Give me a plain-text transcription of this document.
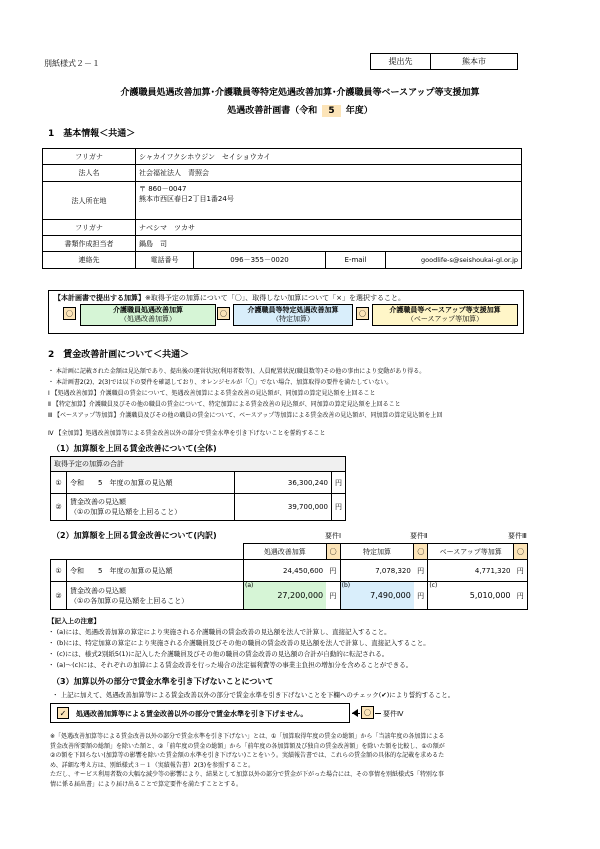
別紙様式２－１	提出先	熊本市
介護職員処遇改善加算･介護職員等特定処遇改善加算･介護職員等ベースアップ等支援加算
処遇改善計画書（令和 5 年度）
1　基本情報＜共通＞
フリガナ	シャカイフクシホウジン　セイショウカイ			
法人名	社会福祉法人　青照会			
法人所在地	〒 860－0047
熊本市西区春日2丁目1番24号			

フリガナ	ナベシマ　ツカサ			
書類作成担当者	鍋島　司			
連絡先	電話番号	096－355－0020	E-mail	goodlife-s@seishoukai-gl.or.jp
【本計画書で提出する加算】※取得予定の加算について「〇」、取得しない加算について「×」を選択すること。
〇	介護職員処遇改善加算
（処遇改善加算）
〇	介護職員等特定処遇改善加算
（特定加算）
〇	介護職員等ベースアップ等支援加算
（ベースアップ等加算）
2　賃金改善計画について＜共通＞
・ 本計画に記載された金額は見込額であり、提出後の運営状況(利用者数等)、人員配置状況(職員数等)その他の事由により変動があり得る。
・ 本計画書2(2)、2(3)では以下の要件を確認しており、オレンジセルが「〇」でない場合、加算取得の要件を満たしていない。
Ⅰ 【処遇改善加算】介護職員の賃金について、処遇改善加算による賃金改善の見込額が、同加算の算定見込額を上回ること
Ⅱ 【特定加算】介護職員及びその他の職員の賃金について、特定加算による賃金改善の見込額が、同加算の算定見込額を上回ること
Ⅲ 【ベースアップ等加算】介護職員及びその他の職員の賃金について、ベースアップ等加算による賃金改善の見込額が、同加算の算定見込額を上回
Ⅳ 【全加算】処遇改善加算等による賃金改善以外の部分で賃金水準を引き下げないことを誓約すること
（1）加算額を上回る賃金改善について(全体)
取得予定の加算の合計			
①	令和　　5　年度の加算の見込額	36,300,240	円
②	賃金改善の見込額
（①の加算の見込額を上回ること）	39,700,000	円
（2）加算額を上回る賃金改善について(内訳)	要件Ⅰ	要件Ⅱ	要件Ⅲ
		処遇改善加算		〇	特定加算		〇	ベースアップ等加算		〇
①	令和　　5　年度の加算の見込額	24,450,600		円	7,078,320		円	4,771,320		円
②	賃金改善の見込額
（①の各加算の見込額を上回ること）	(a)	27,200,000	円	(b)	7,490,000	円	(c)	5,010,000	円
【記入上の注意】
・ (a)には、処遇改善加算の算定により実施される介護職員の賃金改善の見込額を法人で計算し、直接記入すること。
・ (b)には、特定加算の算定により実施される介護職員及びその他の職員の賃金改善の見込額を法人で計算し、直接記入すること。
・ (c)には、様式2別紙5(1)に記入した介護職員及びその他の職員の賃金改善の見込額の合計が自動的に転記される。
・ (a)～(c)には、それぞれの加算による賃金改善を行った場合の法定福利費等の事業主負担の増加分を含めることができる。
（3）加算以外の部分で賃金水準を引き下げないことについて
・ 上記に加えて、処遇改善加算等による賃金改善以外の部分で賃金水準を引き下げないことを下欄へのチェック(✔)により誓約すること。
✓	処遇改善加算等による賃金改善以外の部分で賃金水準を引き下げません。	〇	要件Ⅳ
※「処遇改善加算等による賃金改善以外の部分で賃金水準を引き下げない」とは、①「加算取得年度の賃金の総額」から「当該年度の各加算による
賃金改善所要額の総額」を除いた額と、②「前年度の賃金の総額」から「前年度の各加算額及び独自の賃金改善額」を除いた額を比較し、①の額が
②の額を下回らない(加算等の影響を除いた賃金額の水準を引き下げない)ことをいう。実績報告書では、これらの賃金額の具体的な記載を求めるた
め、詳細な考え方は、別紙様式３－１（実績報告書）2(3)を参照すること。
ただし、サービス利用者数の大幅な減少等の影響により、結果として加算以外の部分で賃金が下がった場合には、その事情を別紙様式5「特別な事
情に係る届出書」により届け出ることで算定要件を満たすこととする。
